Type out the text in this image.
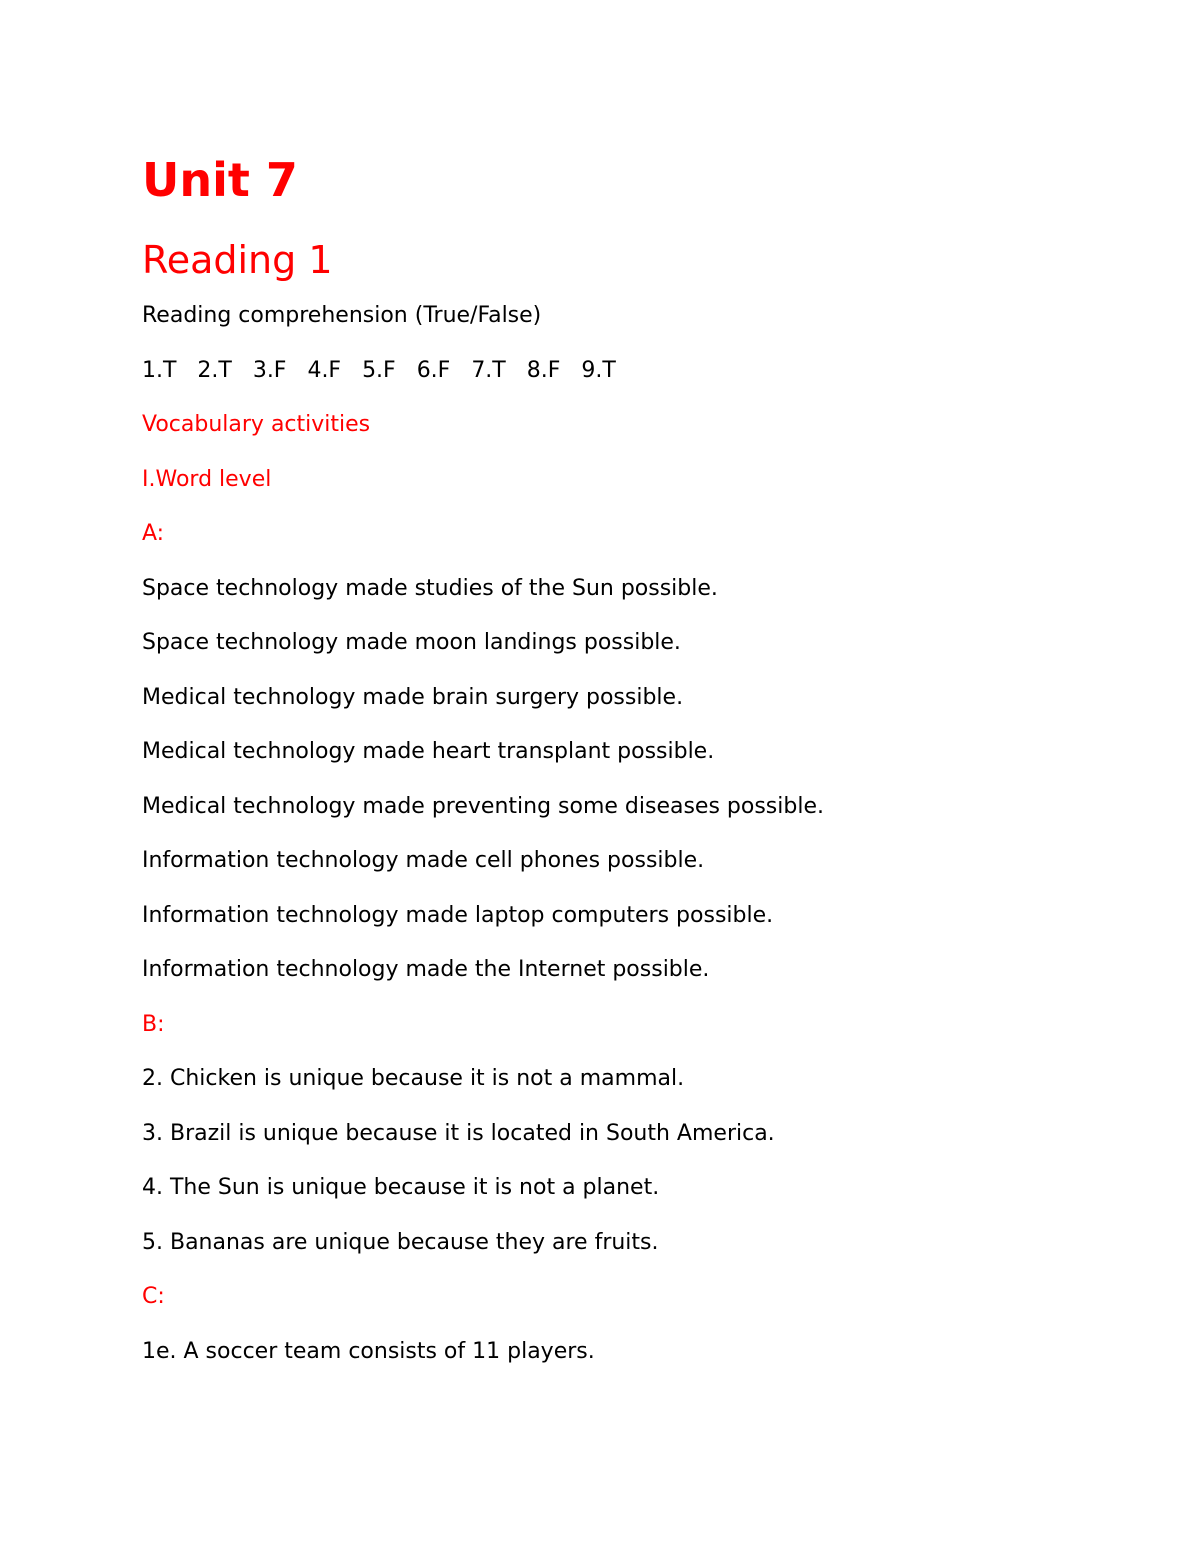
Unit 7
Reading 1
Reading comprehension (True/False)
1.T   2.T   3.F   4.F   5.F   6.F   7.T   8.F   9.T
Vocabulary activities
I.Word level
A:
Space technology made studies of the Sun possible.
Space technology made moon landings possible.
Medical technology made brain surgery possible.
Medical technology made heart transplant possible.
Medical technology made preventing some diseases possible.
Information technology made cell phones possible.
Information technology made laptop computers possible.
Information technology made the Internet possible.
B:
2. Chicken is unique because it is not a mammal.
3. Brazil is unique because it is located in South America.
4. The Sun is unique because it is not a planet.
5. Bananas are unique because they are fruits.
C:
1e. A soccer team consists of 11 players.
